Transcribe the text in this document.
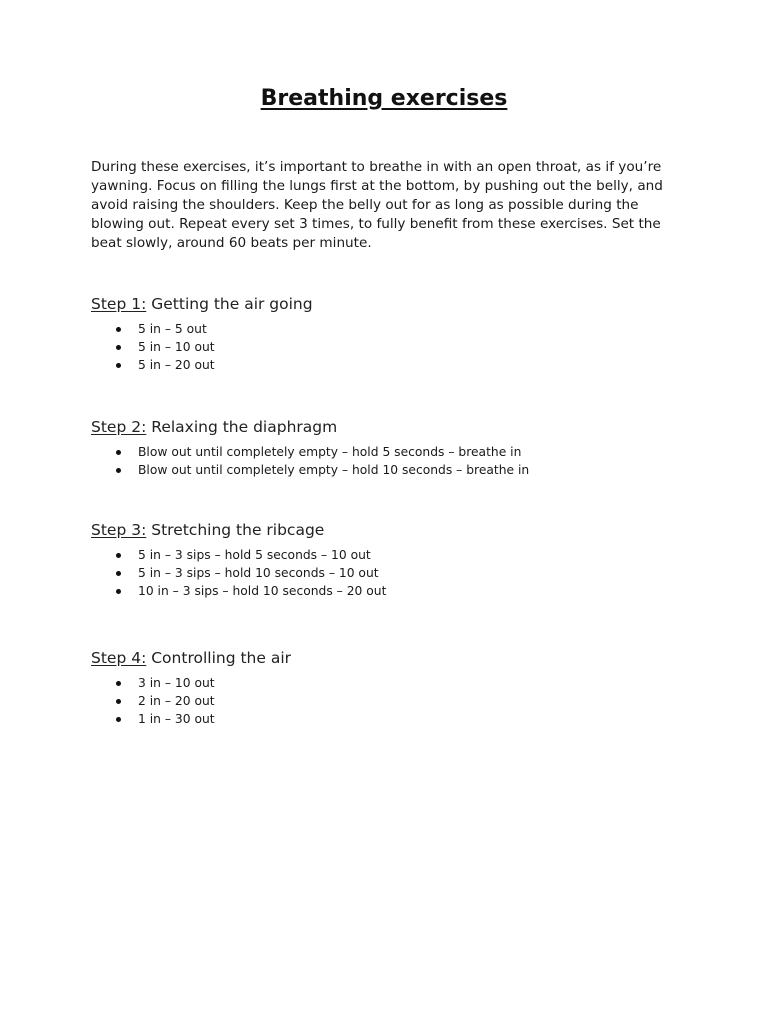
Breathing exercises

During these exercises, it’s important to breathe in with an open throat, as if you’re yawning. Focus on filling the lungs first at the bottom, by pushing out the belly, and avoid raising the shoulders. Keep the belly out for as long as possible during the blowing out. Repeat every set 3 times, to fully benefit from these exercises. Set the beat slowly, around 60 beats per minute.

Step 1: Getting the air going
5 in – 5 out
5 in – 10 out
5 in – 20 out
Step 2: Relaxing the diaphragm
Blow out until completely empty – hold 5 seconds – breathe in
Blow out until completely empty – hold 10 seconds – breathe in
Step 3: Stretching the ribcage
5 in – 3 sips – hold 5 seconds – 10 out
5 in – 3 sips – hold 10 seconds – 10 out
10 in – 3 sips – hold 10 seconds – 20 out
Step 4: Controlling the air
3 in – 10 out
2 in – 20 out
1 in – 30 out
